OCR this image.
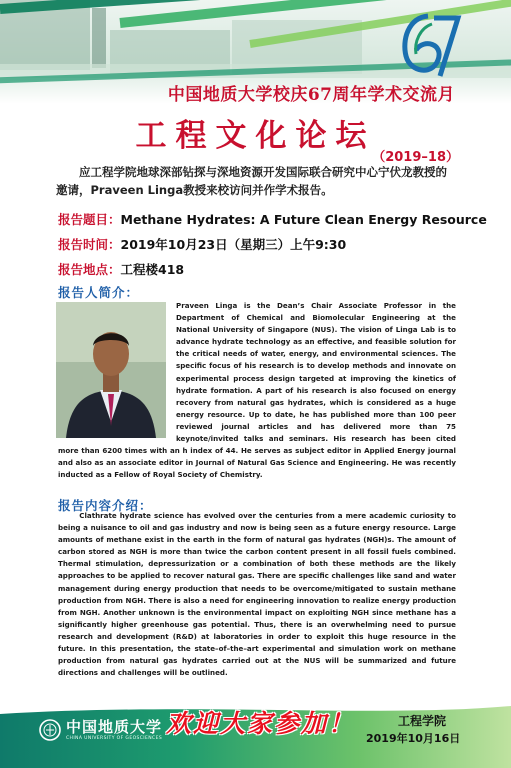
中国地质大学校庆67周年学术交流月
工程文化论坛
（2019–18）
应工程学院地球深部钻探与深地资源开发国际联合研究中心宁伏龙教授的邀请，Praveen Linga教授来校访问并作学术报告。
报告题目：Methane Hydrates: A Future Clean Energy Resource
报告时间：2019年10月23日（星期三）上午9:30
报告地点：工程楼418
报告人简介：
Praveen Linga is the Dean’s Chair Associate Professor in the Department of Chemical and Biomolecular Engineering at the National University of Singapore (NUS). The vision of Linga Lab is to advance hydrate technology as an effective, and feasible solution for the critical needs of water, energy, and environmental sciences. The specific focus of his research is to develop methods and innovate on experimental process design targeted at improving the kinetics of hydrate formation. A part of his research is also focused on energy recovery from natural gas hydrates, which is considered as a huge energy resource. Up to date, he has published more than 100 peer reviewed journal articles and has delivered more than 75 keynote/invited talks and seminars. His research has been cited more than 6200 times with an h index of 44. He serves as subject editor in Applied Energy journal and also as an associate editor in Journal of Natural Gas Science and Engineering. He was recently inducted as a Fellow of Royal Society of Chemistry.
报告内容介绍：
Clathrate hydrate science has evolved over the centuries from a mere academic curiosity to being a nuisance to oil and gas industry and now is being seen as a future energy resource. Large amounts of methane exist in the earth in the form of natural gas hydrates (NGH)s. The amount of carbon stored as NGH is more than twice the carbon content present in all fossil fuels combined. Thermal stimulation, depressurization or a combination of both these methods are the likely approaches to be applied to recover natural gas. There are specific challenges like sand and water management during energy production that needs to be overcome/mitigated to sustain methane production from NGH. There is also a need for engineering innovation to realize energy production from NGH. Another unknown is the environmental impact on exploiting NGH since methane has a significantly higher greenhouse gas potential. Thus, there is an overwhelming need to pursue research and development (R&D) at laboratories in order to exploit this huge resource in the future. In this presentation, the state–of–the–art experimental and simulation work on methane production from natural gas hydrates carried out at the NUS will be summarized and future directions and challenges will be outlined.
中国地质大学
CHINA UNIVERSITY OF GEOSCIENCES
欢迎大家参加！	工程学院
2019年10月16日
